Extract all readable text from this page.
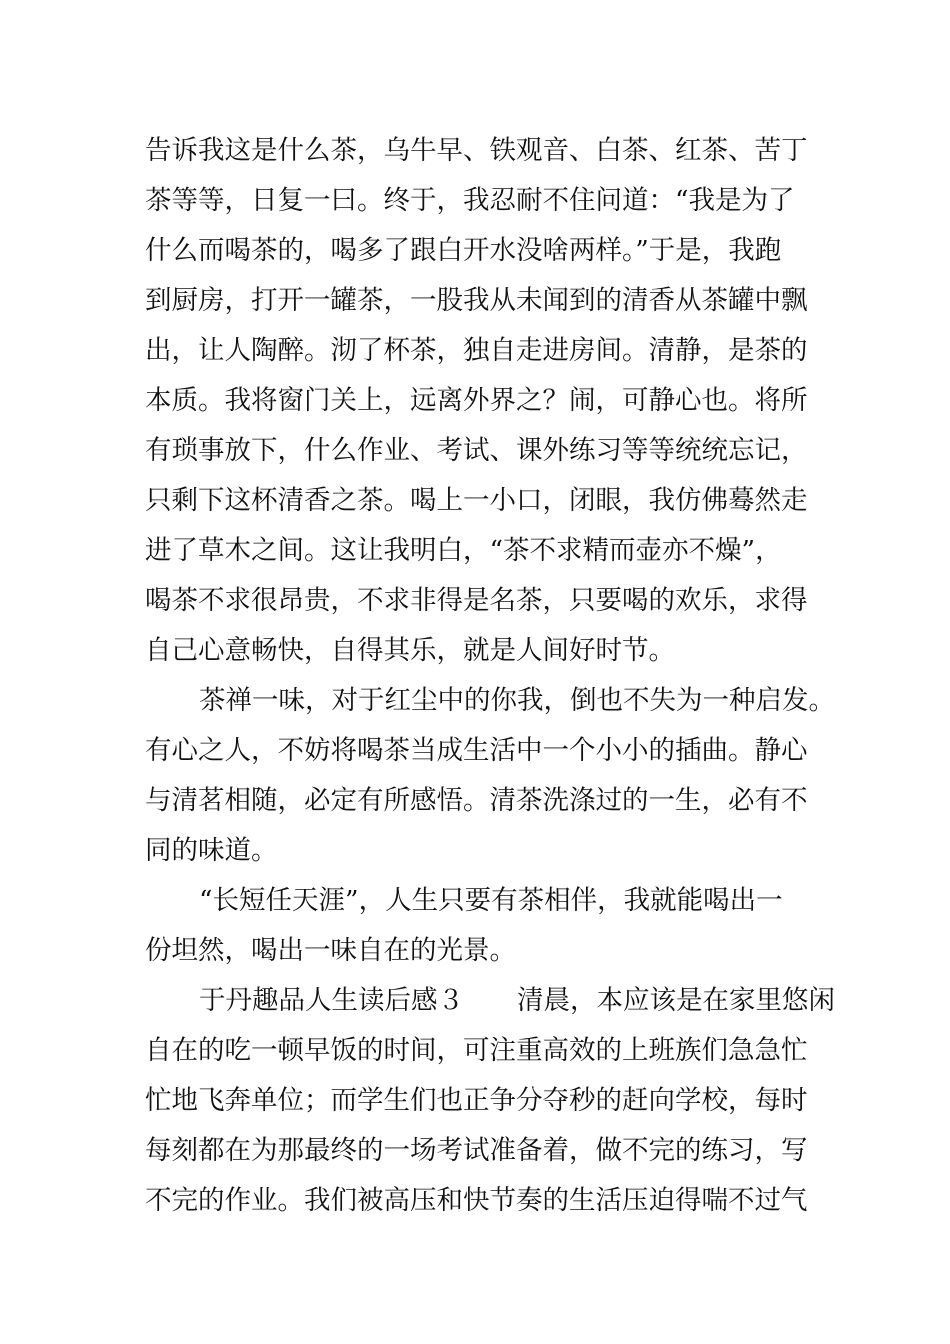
告诉我这是什么茶，乌牛早、铁观音、白茶、红茶、苦丁
茶等等，日复一曰。终于，我忍耐不住问道：“我是为了
什么而喝茶的，喝多了跟白开水没啥两样。”于是，我跑
到厨房，打开一罐茶，一股我从未闻到的清香从茶罐中飘
出，让人陶醉。沏了杯茶，独自走进房间。清静，是茶的
本质。我将窗门关上，远离外界之？闹，可静心也。将所
有琐事放下，什么作业、考试、课外练习等等统统忘记，
只剩下这杯清香之茶。喝上一小口，闭眼，我仿佛蓦然走
进了草木之间。这让我明白，“茶不求精而壶亦不燥”，
喝茶不求很昂贵，不求非得是名茶，只要喝的欢乐，求得
自己心意畅快，自得其乐，就是人间好时节。
茶禅一味，对于红尘中的你我，倒也不失为一种启发。
有心之人，不妨将喝茶当成生活中一个小小的插曲。静心
与清茗相随，必定有所感悟。清茶洗涤过的一生，必有不
同的味道。
“长短任天涯”，人生只要有茶相伴，我就能喝出一
份坦然，喝出一味自在的光景。
于丹趣品人生读后感３　　清晨，本应该是在家里悠闲
自在的吃一顿早饭的时间，可注重高效的上班族们急急忙
忙地飞奔单位；而学生们也正争分夺秒的赶向学校，每时
每刻都在为那最终的一场考试准备着，做不完的练习，写
不完的作业。我们被高压和快节奏的生活压迫得喘不过气
